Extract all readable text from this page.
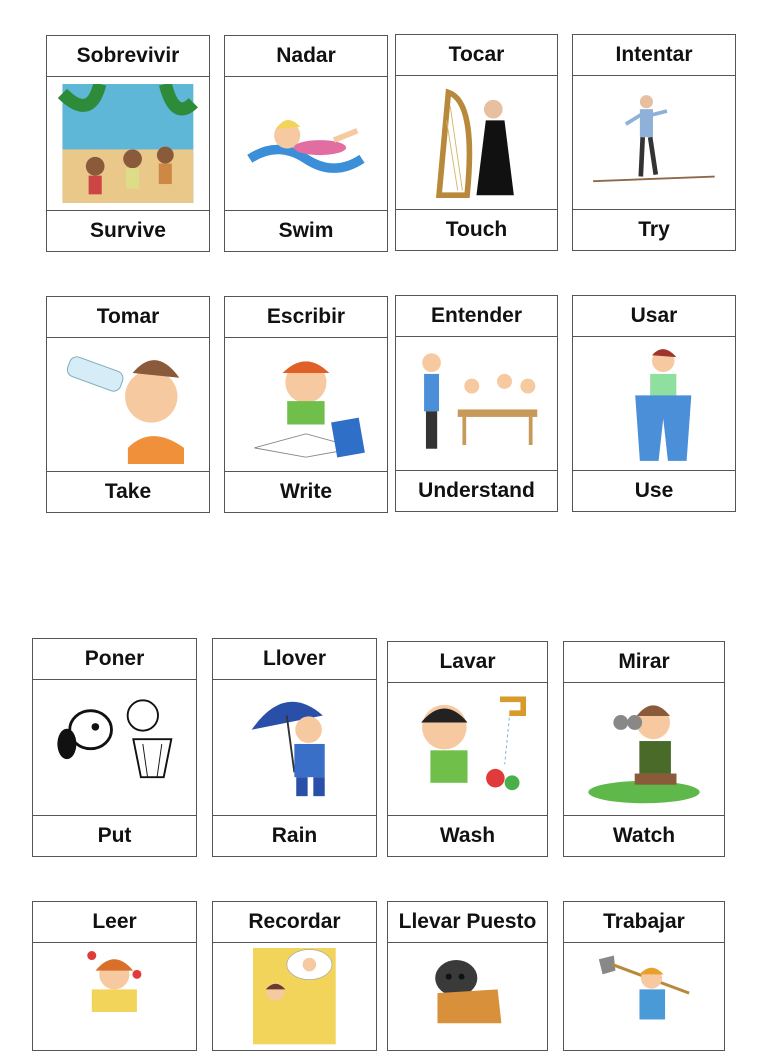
Sobrevivir
Survive
Nadar
Swim
Tocar
Touch
Intentar
Try
Tomar
Take
Escribir
Write
Entender
Understand
Usar
Use
Poner
Put
Llover
Rain
Lavar
Wash
Mirar
Watch
Leer	Recordar	Llevar Puesto	Trabajar
